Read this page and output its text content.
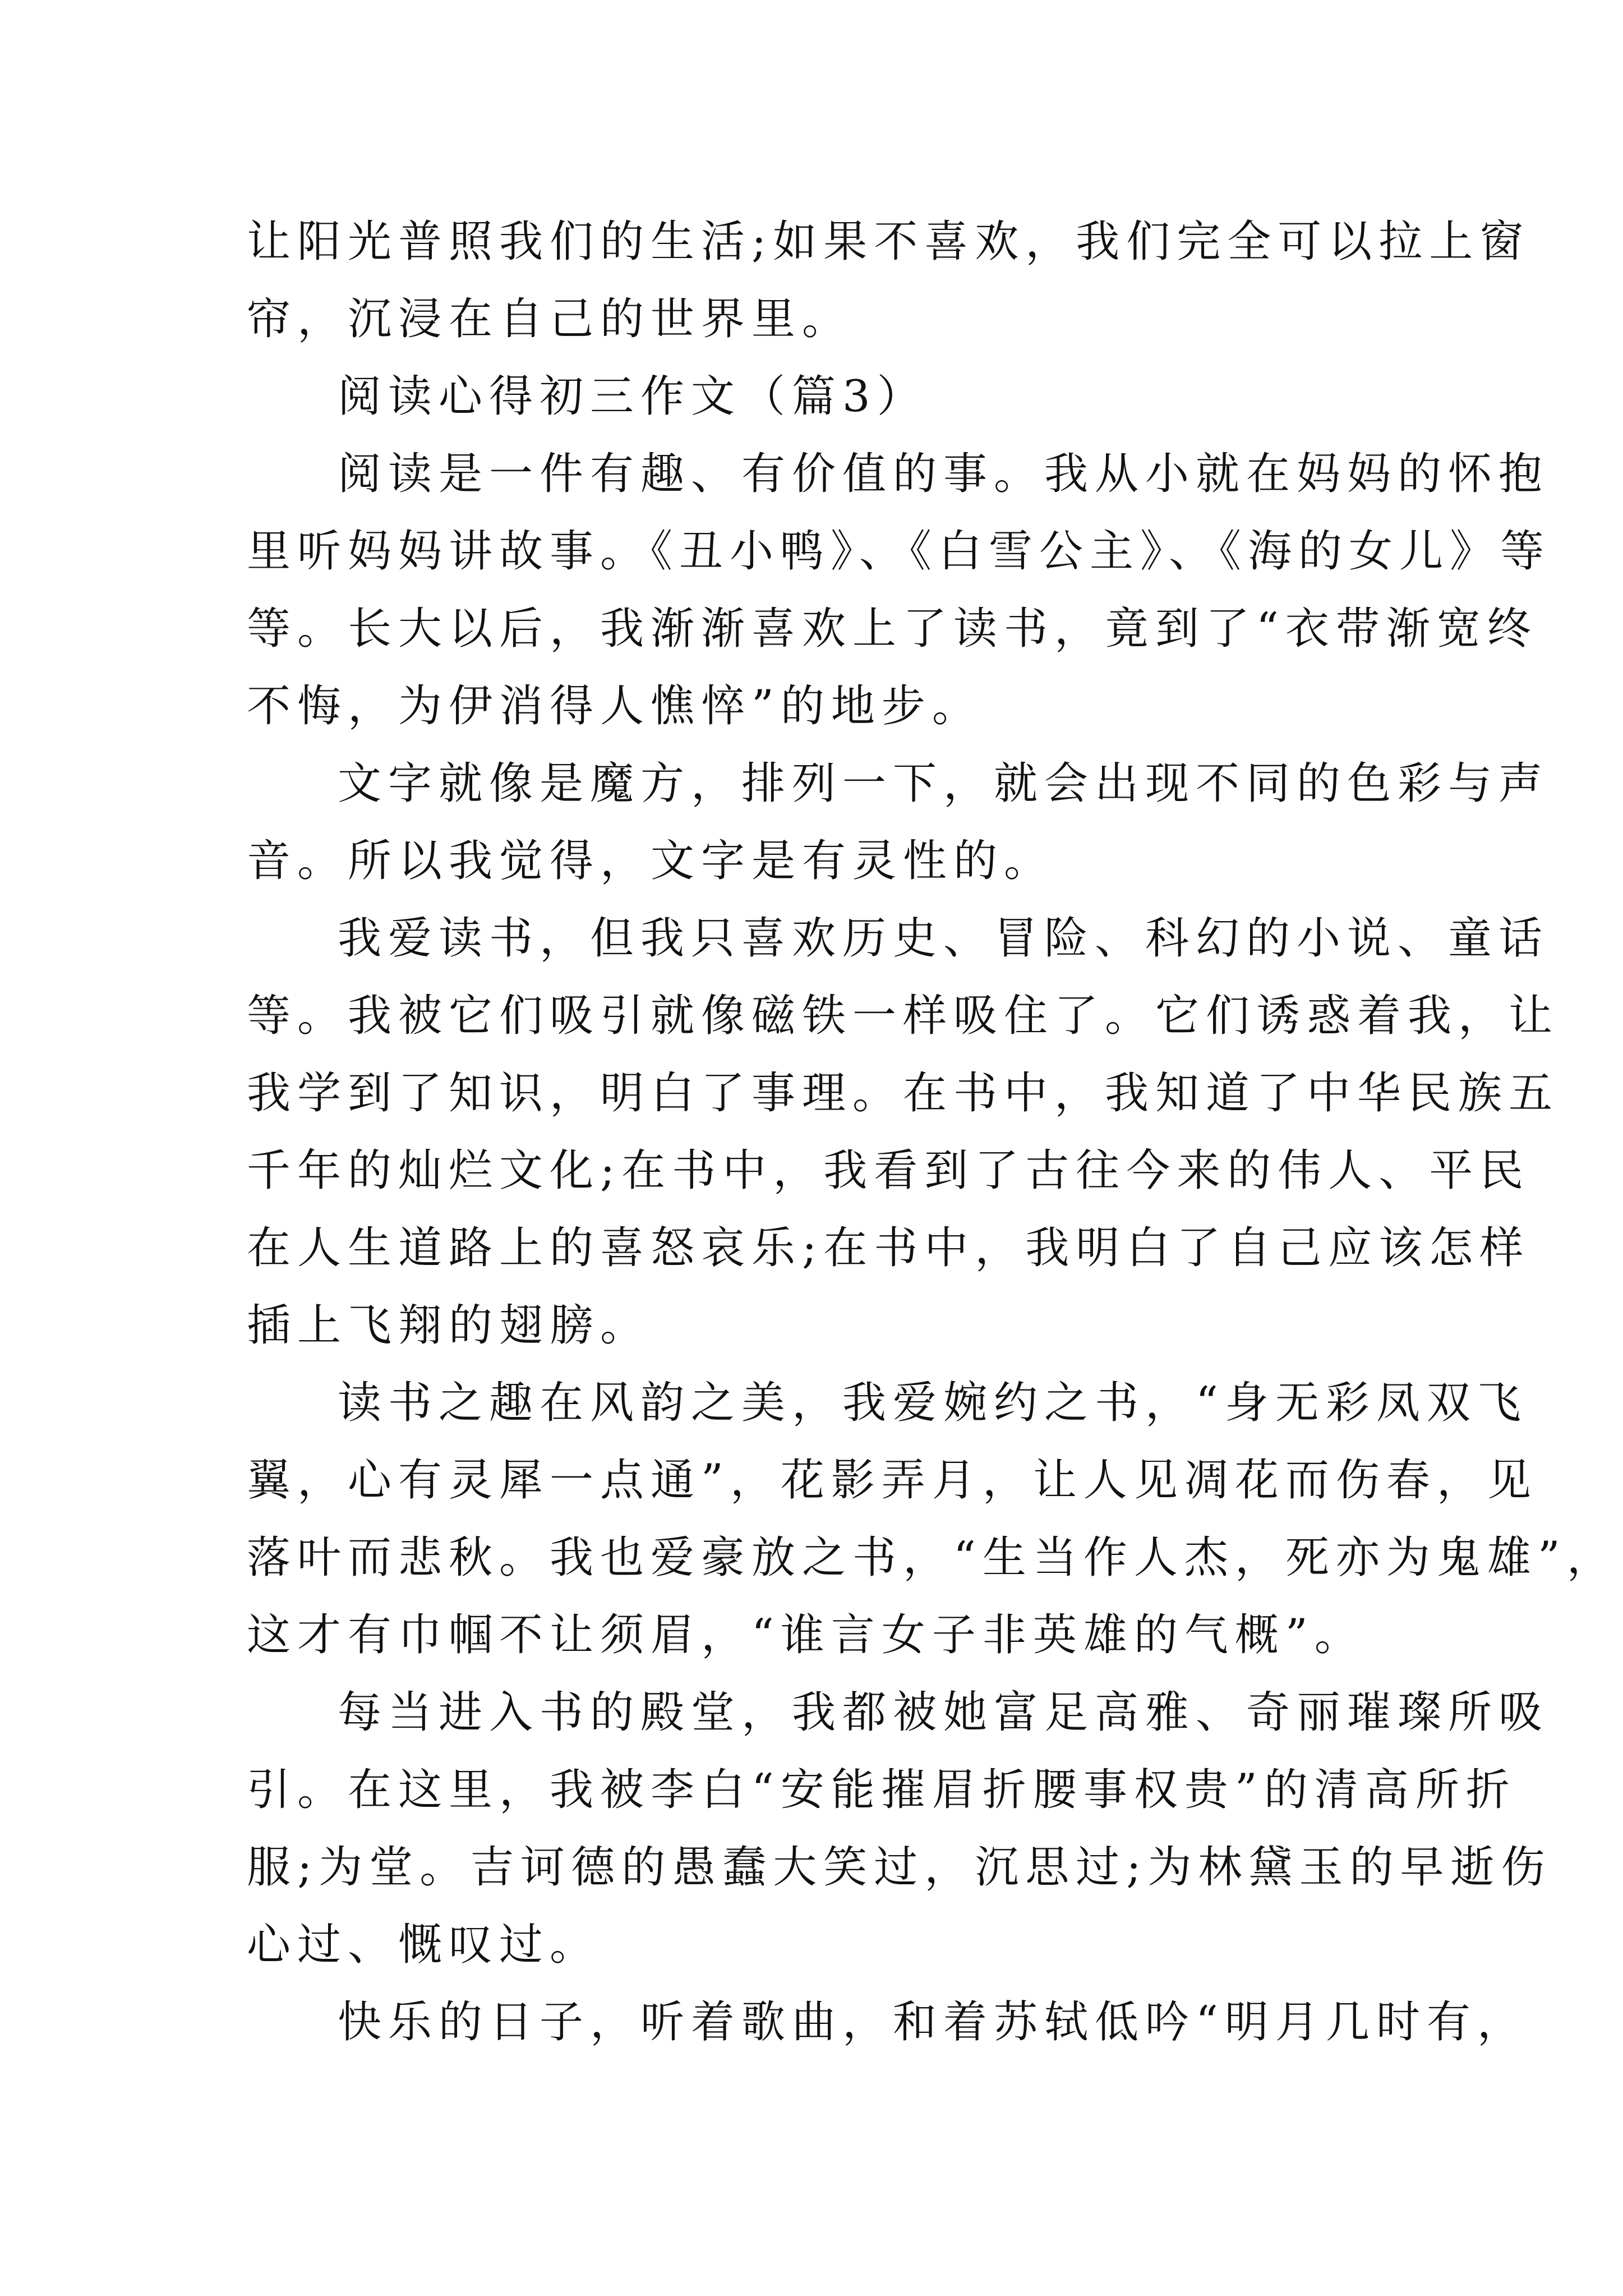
让阳光普照我们的生活;如果不喜欢，我们完全可以拉上窗
帘，沉浸在自己的世界里。
阅读心得初三作文（篇3）
阅读是一件有趣、有价值的事。我从小就在妈妈的怀抱
里听妈妈讲故事。《丑小鸭》、《白雪公主》、《海的女儿》等
等。长大以后，我渐渐喜欢上了读书，竟到了“衣带渐宽终
不悔，为伊消得人憔悴”的地步。
文字就像是魔方，排列一下，就会出现不同的色彩与声
音。所以我觉得，文字是有灵性的。
我爱读书，但我只喜欢历史、冒险、科幻的小说、童话
等。我被它们吸引就像磁铁一样吸住了。它们诱惑着我，让
我学到了知识，明白了事理。在书中，我知道了中华民族五
千年的灿烂文化;在书中，我看到了古往今来的伟人、平民
在人生道路上的喜怒哀乐;在书中，我明白了自己应该怎样
插上飞翔的翅膀。
读书之趣在风韵之美，我爱婉约之书，“身无彩凤双飞
翼，心有灵犀一点通”，花影弄月，让人见凋花而伤春，见
落叶而悲秋。我也爱豪放之书，“生当作人杰，死亦为鬼雄”，
这才有巾帼不让须眉，“谁言女子非英雄的气概”。
每当进入书的殿堂，我都被她富足高雅、奇丽璀璨所吸
引。在这里，我被李白“安能摧眉折腰事权贵”的清高所折
服;为堂。吉诃德的愚蠢大笑过，沉思过;为林黛玉的早逝伤
心过、慨叹过。
快乐的日子，听着歌曲，和着苏轼低吟“明月几时有，
